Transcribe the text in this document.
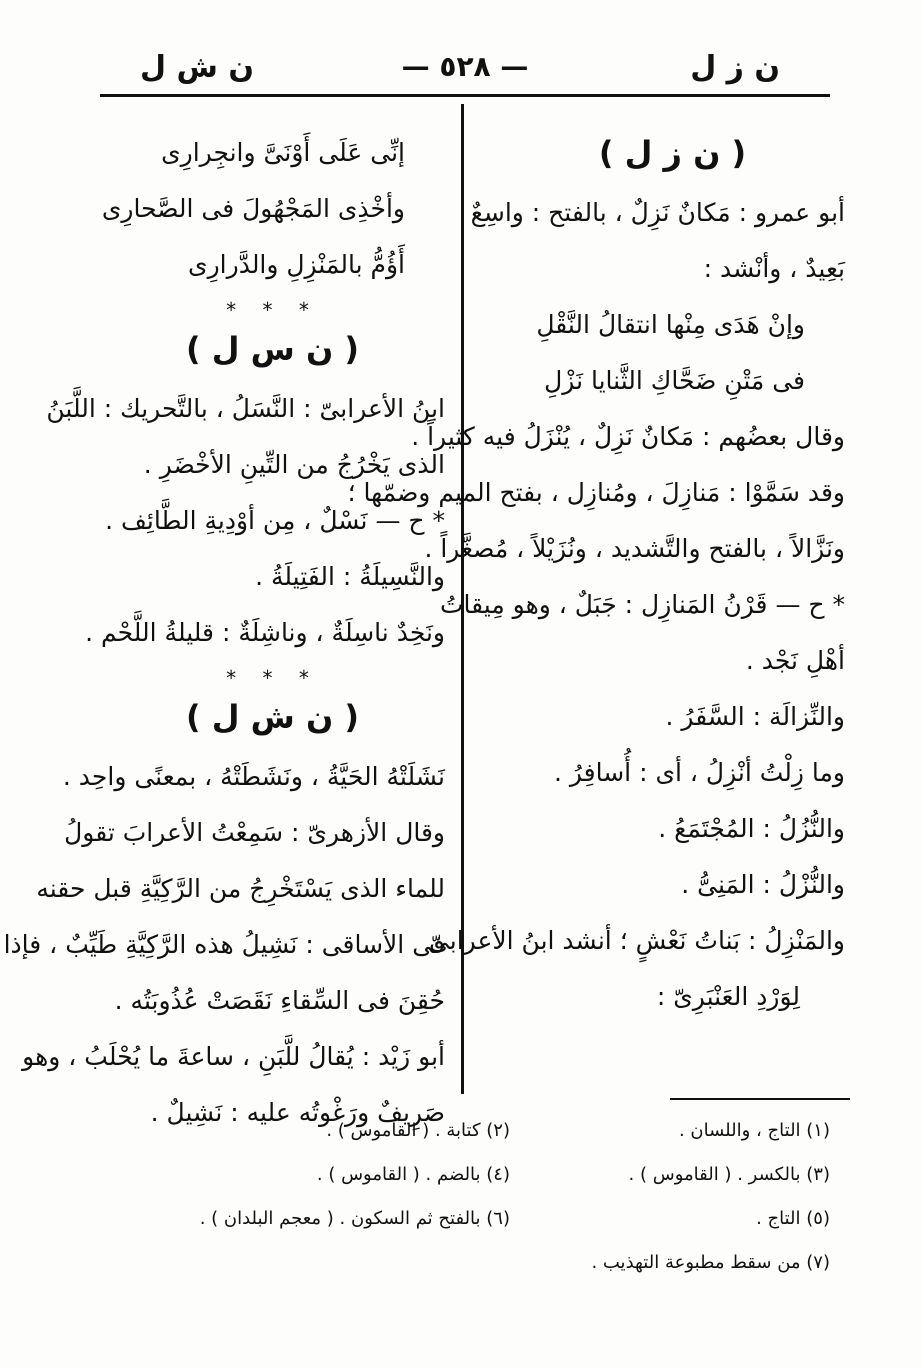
ن ز ل
— ٥٢٨ —
ن ش ل

( ن ز ل )

أبو عمرو : مَكانٌ نَزِلٌ ، بالفتح : واسِعٌ

بَعِيدٌ ، وأنْشد :

وإنْ هَدَى مِنْها انتقالُ النَّقْلِ

فى مَتْنِ ضَحَّاكِ الثَّنايا نَزْلِ

وقال بعضُهم : مَكانٌ نَزِلٌ ، يُنْزَلُ فيه كثيراً .

وقد سَمَّوْا : مَنازِلَ ، ومُنازِل ، بفتح الميم وضمّها ؛

ونَزَّالاً ، بالفتح والتَّشديد ، ونُزَيْلاً ، مُصغَّراً .

* ح — قَرْنُ المَنازِل : جَبَلٌ ، وهو مِيقاتُ

أهْلِ نَجْد .

والنِّزالَة : السَّفَرُ .

وما زِلْتُ أنْزِلُ ، أى : أُسافِرُ .

والنُّزُلُ : المُجْتَمَعُ .

والنُّزْلُ : المَنِىُّ .

والمَنْزِلُ : بَناتُ نَعْشٍ ؛ أنشد ابنُ الأعرابىّ

لِوَرْدِ العَنْبَرِىّ :

إنِّى عَلَى أَوْنَىَّ وانجِرارِى

وأخْذِى المَجْهُولَ فى الصَّحارِى

أَؤُمُّ بالمَنْزِلِ والدَّرارِى

* * *

( ن س ل )

ابنُ الأعرابىّ : النَّسَلُ ، بالتَّحريك : اللَّبَنُ

الذى يَخْرُجُ من التِّينِ الأخْضَرِ .

* ح — نَسْلٌ ، مِن أوْدِيةِ الطَّائِف .

والنَّسِيلَةُ : الفَتِيلَةُ .

ونَخِدٌ ناسِلَةٌ ، وناشِلَةٌ : قليلةُ اللَّحْم .

* * *

( ن ش ل )

نَشَلَتْهُ الحَيَّةُ ، ونَشَطَتْهُ ، بمعنًى واحِد .

وقال الأزهرىّ : سَمِعْتُ الأعرابَ تقولُ

للماء الذى يَسْتَخْرِجُ من الرَّكِيَّةِ قبل حقنه

فى الأساقى : نَشِيلُ هذه الرَّكِيَّةِ طَيِّبٌ ، فإذا

حُقِنَ فى السِّقاءِ نَقَصَتْ عُذُوبَتُه .

أبو زَيْد : يُقالُ للَّبَنِ ، ساعةَ ما يُحْلَبُ ، وهو

صَرِيفٌ ورَغْوتُه عليه : نَشِيلٌ .

(١) التاج ، واللسان .
(٢) كتابة . ( القاموس ) .
(٣) بالكسر . ( القاموس ) .
(٤) بالضم . ( القاموس ) .
(٥) التاج .
(٦) بالفتح ثم السكون . ( معجم البلدان ) .
(٧) من سقط مطبوعة التهذيب .
